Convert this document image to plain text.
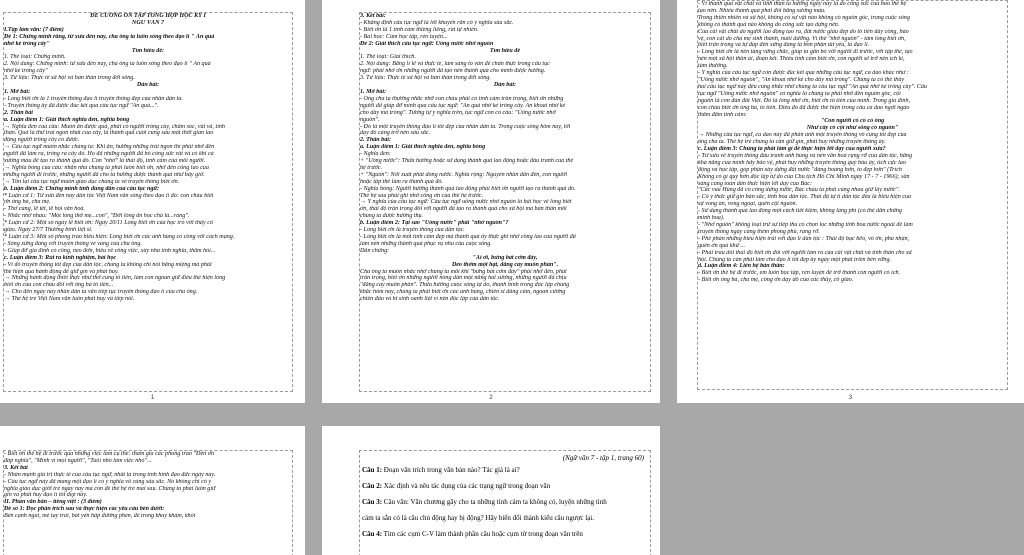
ĐỀ CƯƠNG ÔN TẬP TỔNG HỢP HỌC KỲ I
NGỮ VĂN 7
I.Tập làm văn: (7 điểm)
Đề 1: Chứng minh rằng, từ xưa đến nay, cha ông ta luôn sống theo đạo lí " Ăn quả
nhớ kẻ trồng cây"
Tìm hiểu đề:
1. Thể loại: Chứng minh.
2. Nội dung: Chứng minh: từ xưa đến nay, cha ông ta luôn sống theo đạo lí " Ăn quả
nhớ kẻ trồng cây"
3. Tư liệu: Thực tế xã hội và bản thân trong đời sống.
Dàn bài:
1. Mở bài:
- Lòng biết ơn là 1 truyền thống đạo lí truyền thống đẹp của nhân dân ta.
- Truyền thống ấy đã được đúc kết qua câu tục ngữ "Ăn quả...".
2. Thân bài
a. Luận điểm 1: Giải thích nghĩa đen, nghĩa bóng
→ Nghĩa đen của câu: Muốn ăn được quả, phải có người trồng cây, chăm sóc, vất vả, tình
thân. Quả là thứ trái ngon nhất của cây, là thành quả cuối cùng sau một thời gian lao
động người trồng cây có được.
→ Câu tục ngữ muốn nhắc chúng ta: Khi ăn, hưởng những trái ngon thì phải nhớ đến
người đã làm ra, trồng ra cây đó. Họ đã những người đã bỏ công sức vất vả có khi cả
xương máu để tạo ra thành quả đó. Còn "nhớ" là thái độ, tình cảm của mỗi người.
→ Nghĩa bóng của câu: nhắn nhủ chúng ta phải luôn biết ơn, nhớ đến công lao của
những người đi trước, những người đã cho ta hưởng được thành quả như bây giờ.
→ Tôn lại câu tục ngữ muốn giáo dục chúng ta về truyền thống biết ơn.
b. Luận điểm 2: Chứng minh tính đúng đắn của câu tục ngữ:
* Luận cứ 1: Từ xưa đến nay dân tộc Việt Nam vẫn sống theo đạo lí đó: con cháu biết
ơn ông bà, cha mẹ.
- Thờ cúng, lễ tết, lễ hội văn hoá.
- Nhắc nhở nhau: "Một lòng thờ mẹ...con", "Đời lòng ăn học chả là...ràng".
* Luận cứ 2: Một số ngày lễ biết ơn: Ngày 20/11 Lòng biết ơn của học trò với thầy cô
giáo. Ngày 27/7 Thương binh liệt sĩ.
* Luận cứ 3: Một số phong trào biểu hiện: Lòng biết ơn các anh hùng có công với cách mạng.
- Sống xứng đáng với truyền thống vẻ vang của cha ông.
- Giúp đỡ gia đình có công, neo đơn, hiếu về công việc, xây nhà tình nghĩa, thăm hỏi...
c. Luận điểm 3: Rút ra kinh nghiệm, bài học
- Vì đó truyền thống tốt đẹp của dân tộc, chúng ta không chỉ nói bằng miệng mà phải
thể hiện qua hành động để giữ gìn và phát huy.
→ Những hành động thiết thực như thờ cúng tổ tiên, làm con ngoan giữ điều thể hiện lòng
biết ơn của con cháu đối với ông bà tổ tiên...
→ Cho đến ngày nay nhân dân ta vẫn tiếp tục truyền thống đạo lí của cha ông.
→ Thể hệ trẻ Việt Nam vẫn luôn phát huy và tiếp nối.
1
3. Kết bài:
- Khẳng định câu tục ngữ là lời khuyên răn có ý nghĩa sâu sắc.
- Biết ơn là 1 tình cảm thiêng liêng, rất tự nhiên.
- Bài học: Cảm học tập, rèn luyện...
Đề 2: Giải thích câu tục ngữ: Uống nước nhớ nguồn
Tìm hiểu đề
1. Thể loại: Giải thích.
2. Nội dung: Bằng lí lẽ và thực tế, làm sáng tỏ vấn đề chân thực trong câu tục
ngữ: phải nhớ ơn những người đã tạo nên thành quả cho mình được hưởng.
3. Tư liệu: Thực tế xã hội và bản thân trong đời sống.
Dàn bài:
1. Mở bài:
- Ông cha ta thường nhắc nhở con cháu phải có tình cảm trân trọng, biết ơn những
người đã giúp đỡ mình qua câu tục ngữ: "Ăn quả nhớ kẻ trồng cây. Ăn khoai nhớ kẻ
cho dây mà trồng". Tương tự ý nghĩa trên, tục ngữ còn có câu: "Uống nước nhớ
nguồn".
- Đó là một truyền thống đạo lí tốt đẹp của nhân dân ta. Trong cuộc sống hôm nay, lời
dạy đó càng trở nên sâu sắc.
2. Thân bài:
a. Luận điểm 1: Giải thích nghĩa đen, nghĩa bóng
- Nghĩa đen:
+ "Uống nước": Thừa hưởng hoặc sử dụng thành quả lao động hoặc đấu tranh của thế
hệ trước.
+ "Nguồn": Nơi xuất phát dòng nước. Nghĩa rộng: Nguyên nhân dẫn đến, con người
hoặc tập thể làm ra thành quả đó.
- Nghĩa bóng: Người hưởng thành quả lao động phải biết ơn người tạo ra thành quả đó.
Thế hệ sau phải ghi nhớ công ơn của thế hệ trước.
→ Ý nghĩa của câu tục ngữ: Câu tục ngữ uống nước nhớ nguồn là bài học về lòng biết
ơn, thái độ trân trọng đối với người đã tạo ra thành quả cho xã hội mà bản thân mỗi
chúng ta được hưởng thụ.
b. Luận điểm 2: Tại sao "Uống nước" phải "nhớ nguồn"?
- Lòng biết ơn là truyền thống của dân tộc.
- Lòng biết ơn là một tình cảm đẹp mà thành quả ấy thực ghi nhớ công lao của người đã
làm nên những thành quả phục vụ nhu cầu cuộc sống.
Dẫn chứng:
"Ai ơi, bưng bát cơm đầy,
Dẻo thơm một hạt, đắng cay muôn phần".
Cha ông ta muốn nhắc nhở chúng ta mỗi khi "bưng bát cơm đầy" phải nhớ đến, phải
trân trọng, biết ơn những người nông dân một nắng hai sương, những người đã chịu
"đắng cay muôn phần". Thừa hưởng cuộc sống tự do, thanh bình trong độc lập chúng
khắc hôm nay, chúng ta phải biết ơn các anh hùng, chiến sĩ dũng cảm, ngoan cường
chiến đấu và hi sinh oanh liệt vì nền độc lập của dân tộc.
2
- Vì thành quả vật chất và tinh thần ta hưởng ngày nay là do công sức của bao thế hệ
tạo nên. Nhiều thành quả phải đổi bằng xương máu.
Trong thiên nhiên và xã hội, không có sự vật nào không có nguồn gốc, trong cuộc sống
không có thành quả nào không do công sức tạo dựng nên.
Của cải vật chất do người lao động tạo ra, đất nước giàu đẹp do tổ tiên dày công, bảo
vệ, con cái do cha mẹ sinh thành, nuôi dưỡng. Vì thế "nhớ nguồn" - tấm lòng biết ơn,
biết trân trọng và tự đáp đền xứng đáng là bổn phận tất yếu, là đạo lí.
- Lòng biết ơn là nền tảng vững chắc, giúp ta gắn bó với người đi trước, với tập thể, tạo
nên một xã hội thân ái, đoàn kết. Thiếu tình cảm biết ơn, con người sẽ trở nên ích kỉ,
tầm thường.
- Ý nghĩa của câu tục ngữ còn được đúc kết qua những câu tục ngữ, ca dao khác như :
"Uống nước nhớ nguồn", "Ăn khoai nhớ kẻ cho dây mà trồng". Chúng ta có thể thấy
hai câu tục ngữ này đều cùng nhắc nhở chúng ta câu tục ngữ "Ăn quả nhớ kẻ trồng cây". Câu
tục ngữ "Uống nước nhớ nguồn" có nghĩa là chúng ta phải nhớ đến nguồn gốc, cội
nguồn là con đàn đất Việt. Đó là lòng nhớ ơn, biết ơn tổ tiên của mình. Trong gia đình,
con cháu biết ơn ông bà, tổ tiên. Điều đó đã được thể hiện trong câu ca dao ngợi ngào
thắm đằm tình cảm:
"Con người có cố có ông
Như cây có cội như sông có nguồn"
→ Những câu tục ngữ, ca dao này đã phản ánh một truyền thống vô cùng tốt đẹp của
ông cha ta. Thế hệ trẻ chúng ta cần giữ gìn, phát huy những truyền thống ấy.
c. Luận điểm 3: Chúng ta phải làm gì để thực hiện lời dạy của người xưa?
- Từ xưa về truyền thống đấu tranh anh hùng và nền văn hoá rạng rỡ của dân tộc, bằng
khả năng của mình hãy bảo vệ, phát huy những truyền thống quý báu ấy, tích cực lao
động và học tập, góp phần xây dựng đất nước "đàng hoàng hơn, to đẹp hơn" (Trích
Không có gì quý hơn độc lập tự do của Chủ tịch Hồ Chí Minh ngày 17 - 7 - 1966); sẵn
sàng cùng toàn dân thực hiện lời dạy của Bác:
"Các vua Hùng đã có công dựng nước, Bác cháu ta phải cùng nhau giữ lấy nước".
- Có ý thức giữ gìn bản sắc, tinh hoa dân tộc. Thái độ tự ti dân tộc đều là biểu hiện của
sự vong ân, vong ngoại, quên cội nguồn.
- Sử dụng thành quả lao động một cách tiết kiệm, không làng phí (có thể dẫn chứng
minh hoạ).
- "Nhớ nguồn" không loại trừ sự tiếp thu có chọn lọc những tinh hoa nước ngoài để làm
truyền thống ngày càng thêm phong phú, rạng rỡ.
- Phê phán những biểu hiện trái với đạo lí dân tộc : Thái độ bạc bẽo, vô ơn, phủ nhận,
quên ơn quá khứ ...
- Phải trau dồi thái độ biết ơn đối với người làm ra của cải vật chất và tinh thần cho xã
hội. Chúng ta cần phải làm cho đạo lí tốt đẹp ấy ngày một phát triển bền vững.
d. Luận điểm 4: Liên hệ bản thân:
- Biết ơn thế hệ đi trước, em luôn học tập, rèn luyện để trở thành con người có ích.
- Biết ơn ông bà, cha mẹ, công ơn dạy dỗ của các thầy, cô giáo.
3
- Biết ơn thế hệ đi trước qua những việc làm cụ thể: tham gia các phong trào "Đền ơn
đáp nghĩa", "Mình vì mọi người", "Tuổi nhỏ làm việc nhỏ"...
3. Kết bài
- Nhấn mạnh giá trị thực tế của câu tục ngữ, nhất là trong tình hình đạo đức ngày nay.
- Câu tục ngữ này đã mang một đạo lí có ý nghĩa vô cùng sâu sắc. Nó không chỉ có ý
nghĩa giáo dục giới trẻ ngày nay mà còn để thế hệ trẻ mai sau. Chúng ta phải luôn giữ
gìn và phát huy đạo lí tốt đẹp này.
II. Phần văn bản – tiếng việt : (3 điểm)
Đề số 1: Đọc phần trích sau và thực hiện các yêu cầu bên dưới:
Bên cạnh ngai, mé tay trái, bát yến hấp đường phèn, để trong khay khảm, khói
(Ngữ văn 7 - tập 1, trang 60)
Câu 1: Đoạn văn trích trong văn bản nào? Tác giả là ai?
Câu 2: Xác định và nêu tác dụng của các trạng ngữ trong đoạn văn
Câu 3: Câu văn: Văn chương gây cho ta những tình cảm ta không có, luyện những tình
cảm ta sẵn có là câu chủ động hay bị động? Hãy biến đổi thành kiểu câu ngược lại.
Câu 4: Tìm các cụm C-V làm thành phần câu hoặc cụm từ trong đoạn văn trên
